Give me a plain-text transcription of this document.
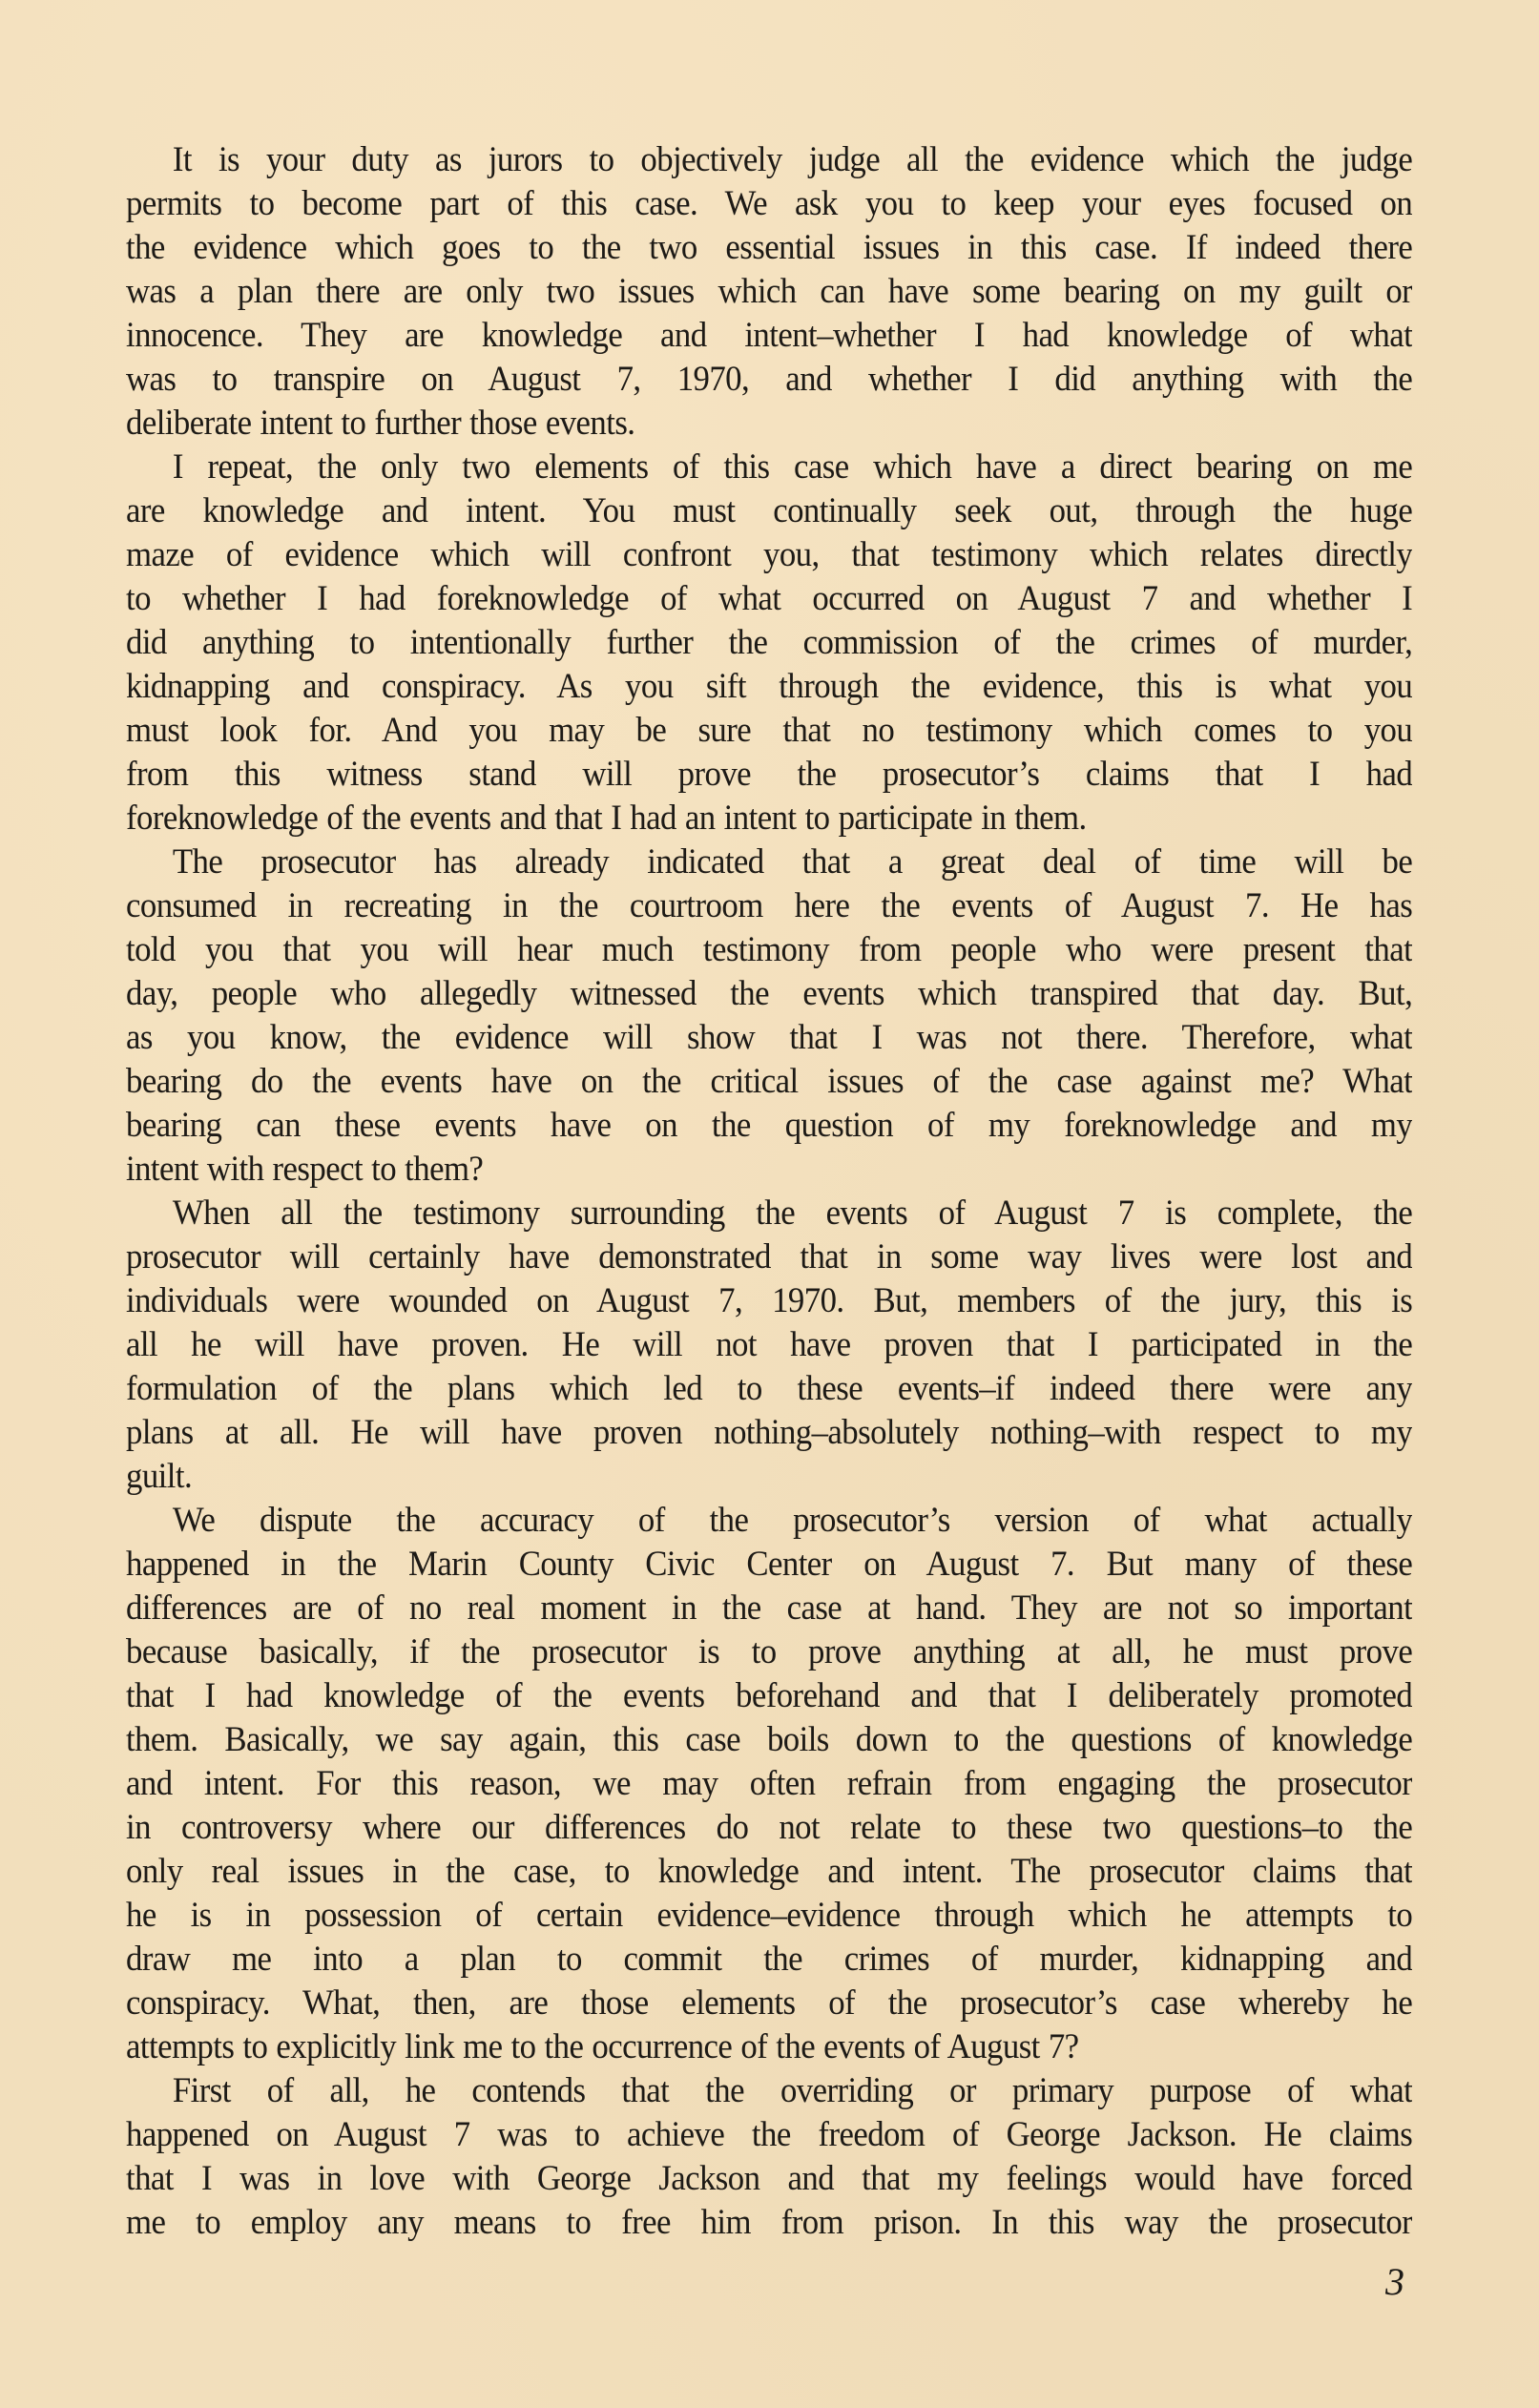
It is your duty as jurors to objectively judge all the evidence which the judge
permits to become part of this case. We ask you to keep your eyes focused on
the evidence which goes to the two essential issues in this case. If indeed there
was a plan there are only two issues which can have some bearing on my guilt or
innocence. They are knowledge and intent–whether I had knowledge of what
was to transpire on August 7, 1970, and whether I did anything with the
deliberate intent to further those events.
I repeat, the only two elements of this case which have a direct bearing on me
are knowledge and intent. You must continually seek out, through the huge
maze of evidence which will confront you, that testimony which relates directly
to whether I had foreknowledge of what occurred on August 7 and whether I
did anything to intentionally further the commission of the crimes of murder,
kidnapping and conspiracy. As you sift through the evidence, this is what you
must look for. And you may be sure that no testimony which comes to you
from this witness stand will prove the prosecutor’s claims that I had
foreknowledge of the events and that I had an intent to participate in them.
The prosecutor has already indicated that a great deal of time will be
consumed in recreating in the courtroom here the events of August 7. He has
told you that you will hear much testimony from people who were present that
day, people who allegedly witnessed the events which transpired that day. But,
as you know, the evidence will show that I was not there. Therefore, what
bearing do the events have on the critical issues of the case against me? What
bearing can these events have on the question of my foreknowledge and my
intent with respect to them?
When all the testimony surrounding the events of August 7 is complete, the
prosecutor will certainly have demonstrated that in some way lives were lost and
individuals were wounded on August 7, 1970. But, members of the jury, this is
all he will have proven. He will not have proven that I participated in the
formulation of the plans which led to these events–if indeed there were any
plans at all. He will have proven nothing–absolutely nothing–with respect to my
guilt.
We dispute the accuracy of the prosecutor’s version of what actually
happened in the Marin County Civic Center on August 7. But many of these
differences are of no real moment in the case at hand. They are not so important
because basically, if the prosecutor is to prove anything at all, he must prove
that I had knowledge of the events beforehand and that I deliberately promoted
them. Basically, we say again, this case boils down to the questions of knowledge
and intent. For this reason, we may often refrain from engaging the prosecutor
in controversy where our differences do not relate to these two questions–to the
only real issues in the case, to knowledge and intent. The prosecutor claims that
he is in possession of certain evidence–evidence through which he attempts to
draw me into a plan to commit the crimes of murder, kidnapping and
conspiracy. What, then, are those elements of the prosecutor’s case whereby he
attempts to explicitly link me to the occurrence of the events of August 7?
First of all, he contends that the overriding or primary purpose of what
happened on August 7 was to achieve the freedom of George Jackson. He claims
that I was in love with George Jackson and that my feelings would have forced
me to employ any means to free him from prison. In this way the prosecutor
3
